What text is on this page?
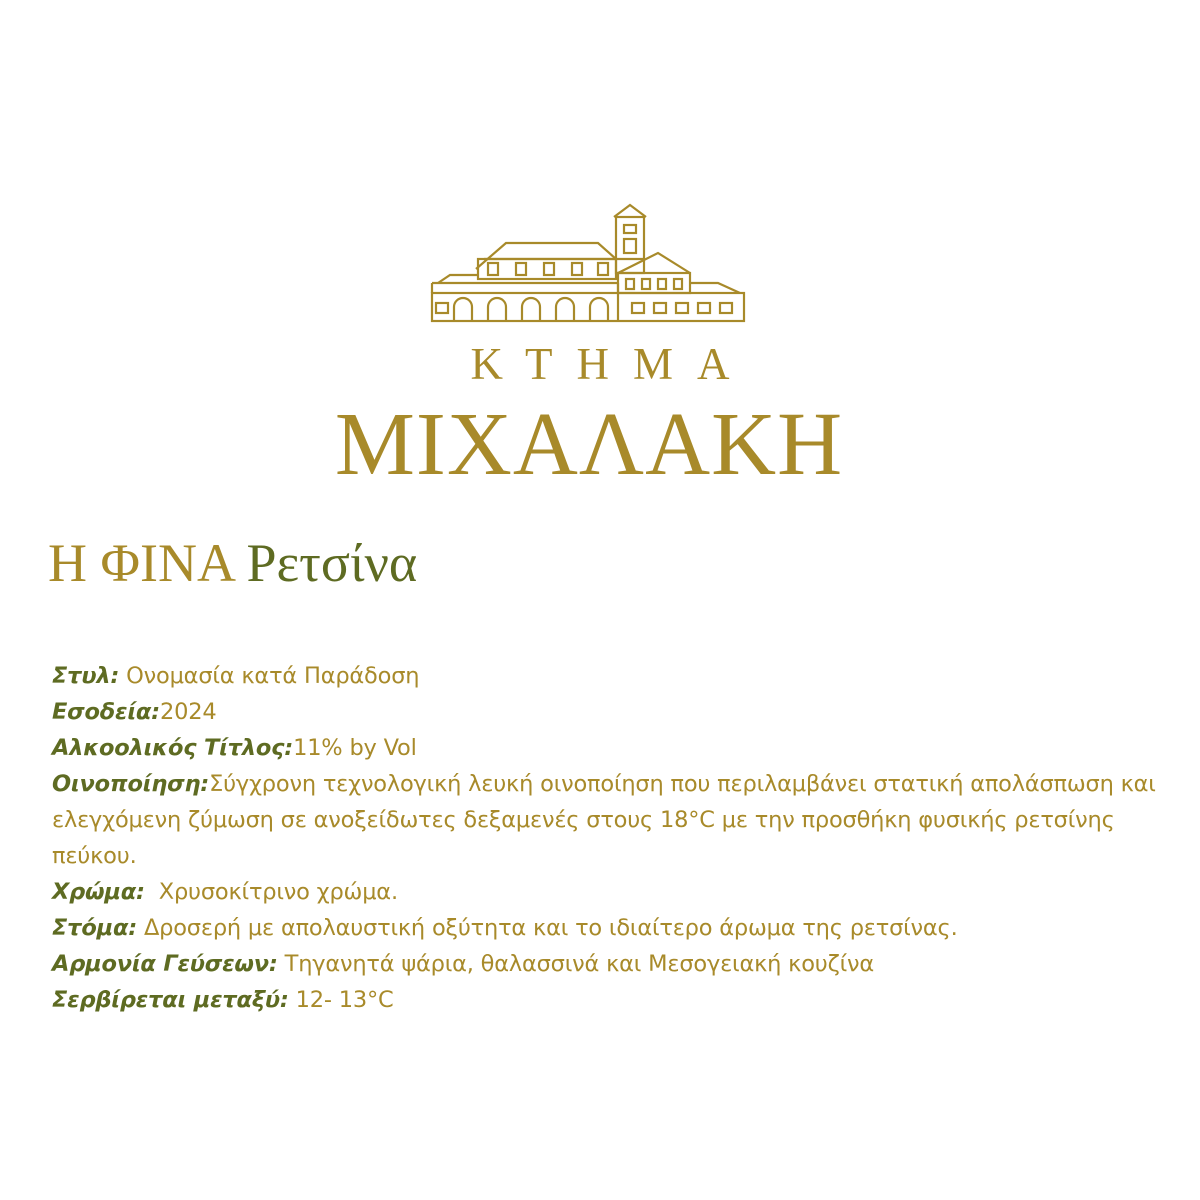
ΚΤΗΜΑ
ΜΙΧΑΛΑΚΗ
Η ΦΙΝΑ Ρετσίνα

Στυλ: Ονομασία κατά Παράδοση

Εσοδεία:2024

Αλκοολικός Τίτλος:11% by Vol

Οινοποίηση:Σύγχρονη τεχνολογική λευκή οινοποίηση που περιλαμβάνει στατική απολάσπωση και ελεγχόμενη ζύμωση σε ανοξείδωτες δεξαμενές στους 18°C με την προσθήκη φυσικής ρετσίνης πεύκου.

Χρώμα:  Χρυσοκίτρινο χρώμα.

Στόμα: Δροσερή με απολαυστική οξύτητα και το ιδιαίτερο άρωμα της ρετσίνας.

Αρμονία Γεύσεων: Τηγανητά ψάρια, θαλασσινά και Μεσογειακή κουζίνα

Σερβίρεται μεταξύ: 12- 13°C
